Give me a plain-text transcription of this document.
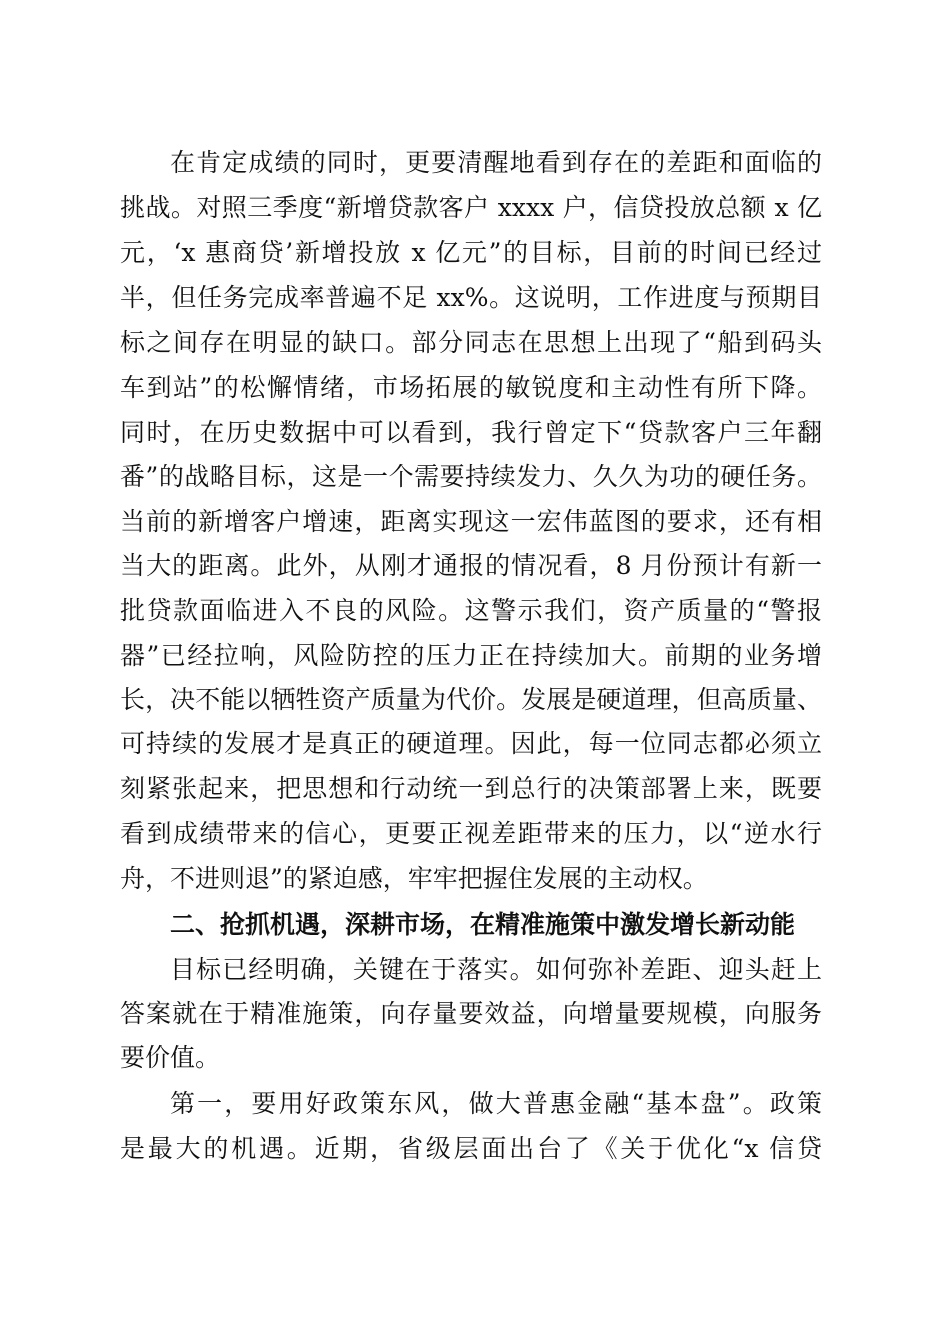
在肯定成绩的同时，更要清醒地看到存在的差距和面临的
挑战。对照三季度“新增贷款客户 xxxx 户，信贷投放总额 x 亿
元，‘x 惠商贷’新增投放 x 亿元”的目标，目前的时间已经过
半，但任务完成率普遍不足 xx%。这说明，工作进度与预期目
标之间存在明显的缺口。部分同志在思想上出现了“船到码头
车到站”的松懈情绪，市场拓展的敏锐度和主动性有所下降。
同时，在历史数据中可以看到，我行曾定下“贷款客户三年翻
番”的战略目标，这是一个需要持续发力、久久为功的硬任务。
当前的新增客户增速，距离实现这一宏伟蓝图的要求，还有相
当大的距离。此外，从刚才通报的情况看，8 月份预计有新一
批贷款面临进入不良的风险。这警示我们，资产质量的“警报
器”已经拉响，风险防控的压力正在持续加大。前期的业务增
长，决不能以牺牲资产质量为代价。发展是硬道理，但高质量、
可持续的发展才是真正的硬道理。因此，每一位同志都必须立
刻紧张起来，把思想和行动统一到总行的决策部署上来，既要
看到成绩带来的信心，更要正视差距带来的压力，以“逆水行
舟，不进则退”的紧迫感，牢牢把握住发展的主动权。
二、抢抓机遇，深耕市场，在精准施策中激发增长新动能
目标已经明确，关键在于落实。如何弥补差距、迎头赶上
答案就在于精准施策，向存量要效益，向增量要规模，向服务
要价值。
第一，要用好政策东风，做大普惠金融“基本盘”。政策
是最大的机遇。近期，省级层面出台了《关于优化“x 信贷
